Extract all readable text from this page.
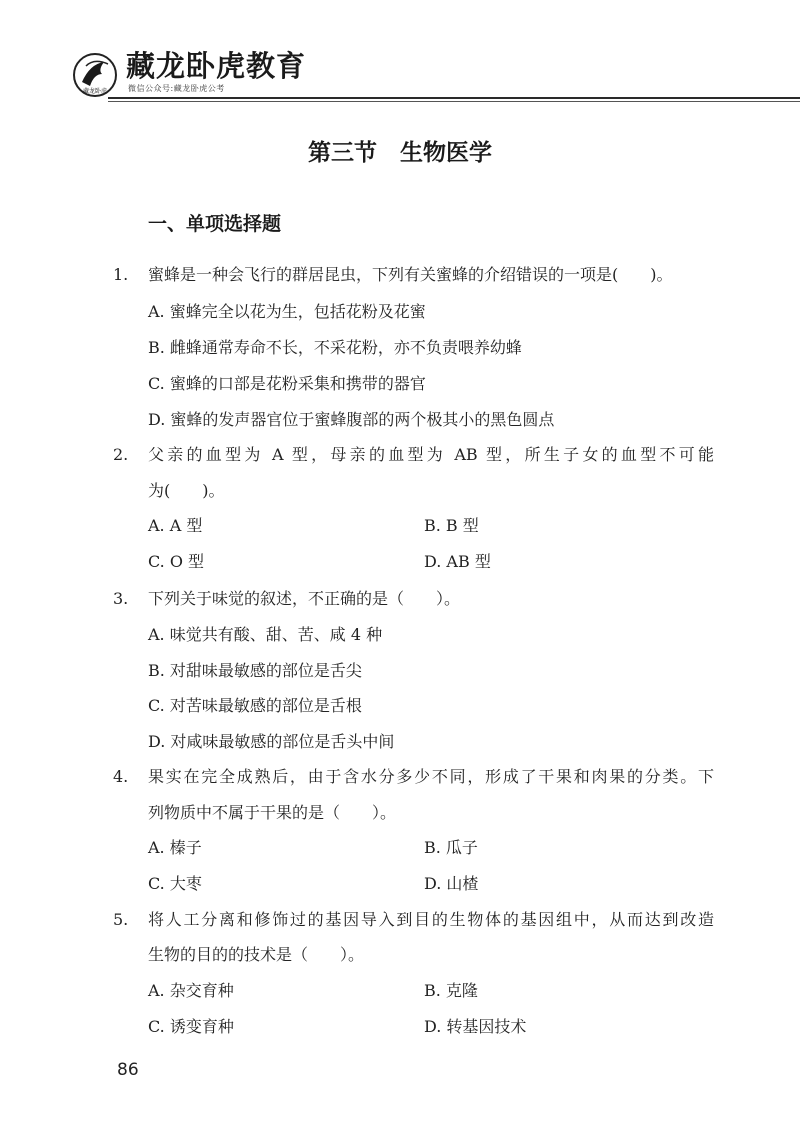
藏龙卧虎
藏龙卧虎教育
微信公众号:藏龙卧虎公考
第三节　生物医学
一、单项选择题
1. 蜜蜂是一种会飞行的群居昆虫，下列有关蜜蜂的介绍错误的一项是(　　)。
A. 蜜蜂完全以花为生，包括花粉及花蜜
B. 雌蜂通常寿命不长，不采花粉，亦不负责喂养幼蜂
C. 蜜蜂的口部是花粉采集和携带的器官
D. 蜜蜂的发声器官位于蜜蜂腹部的两个极其小的黑色圆点
2. 父亲的血型为 A 型，母亲的血型为 AB 型，所生子女的血型不可能
为(　　)。
A. A 型	B. B 型
C. O 型	D. AB 型
3. 下列关于味觉的叙述，不正确的是（　　）。
A. 味觉共有酸、甜、苦、咸 4 种
B. 对甜味最敏感的部位是舌尖
C. 对苦味最敏感的部位是舌根
D. 对咸味最敏感的部位是舌头中间
4. 果实在完全成熟后，由于含水分多少不同，形成了干果和肉果的分类。下
列物质中不属于干果的是（　　）。
A. 榛子	B. 瓜子
C. 大枣	D. 山楂
5. 将人工分离和修饰过的基因导入到目的生物体的基因组中，从而达到改造
生物的目的的技术是（　　）。
A. 杂交育种	B. 克隆
C. 诱变育种	D. 转基因技术
86
